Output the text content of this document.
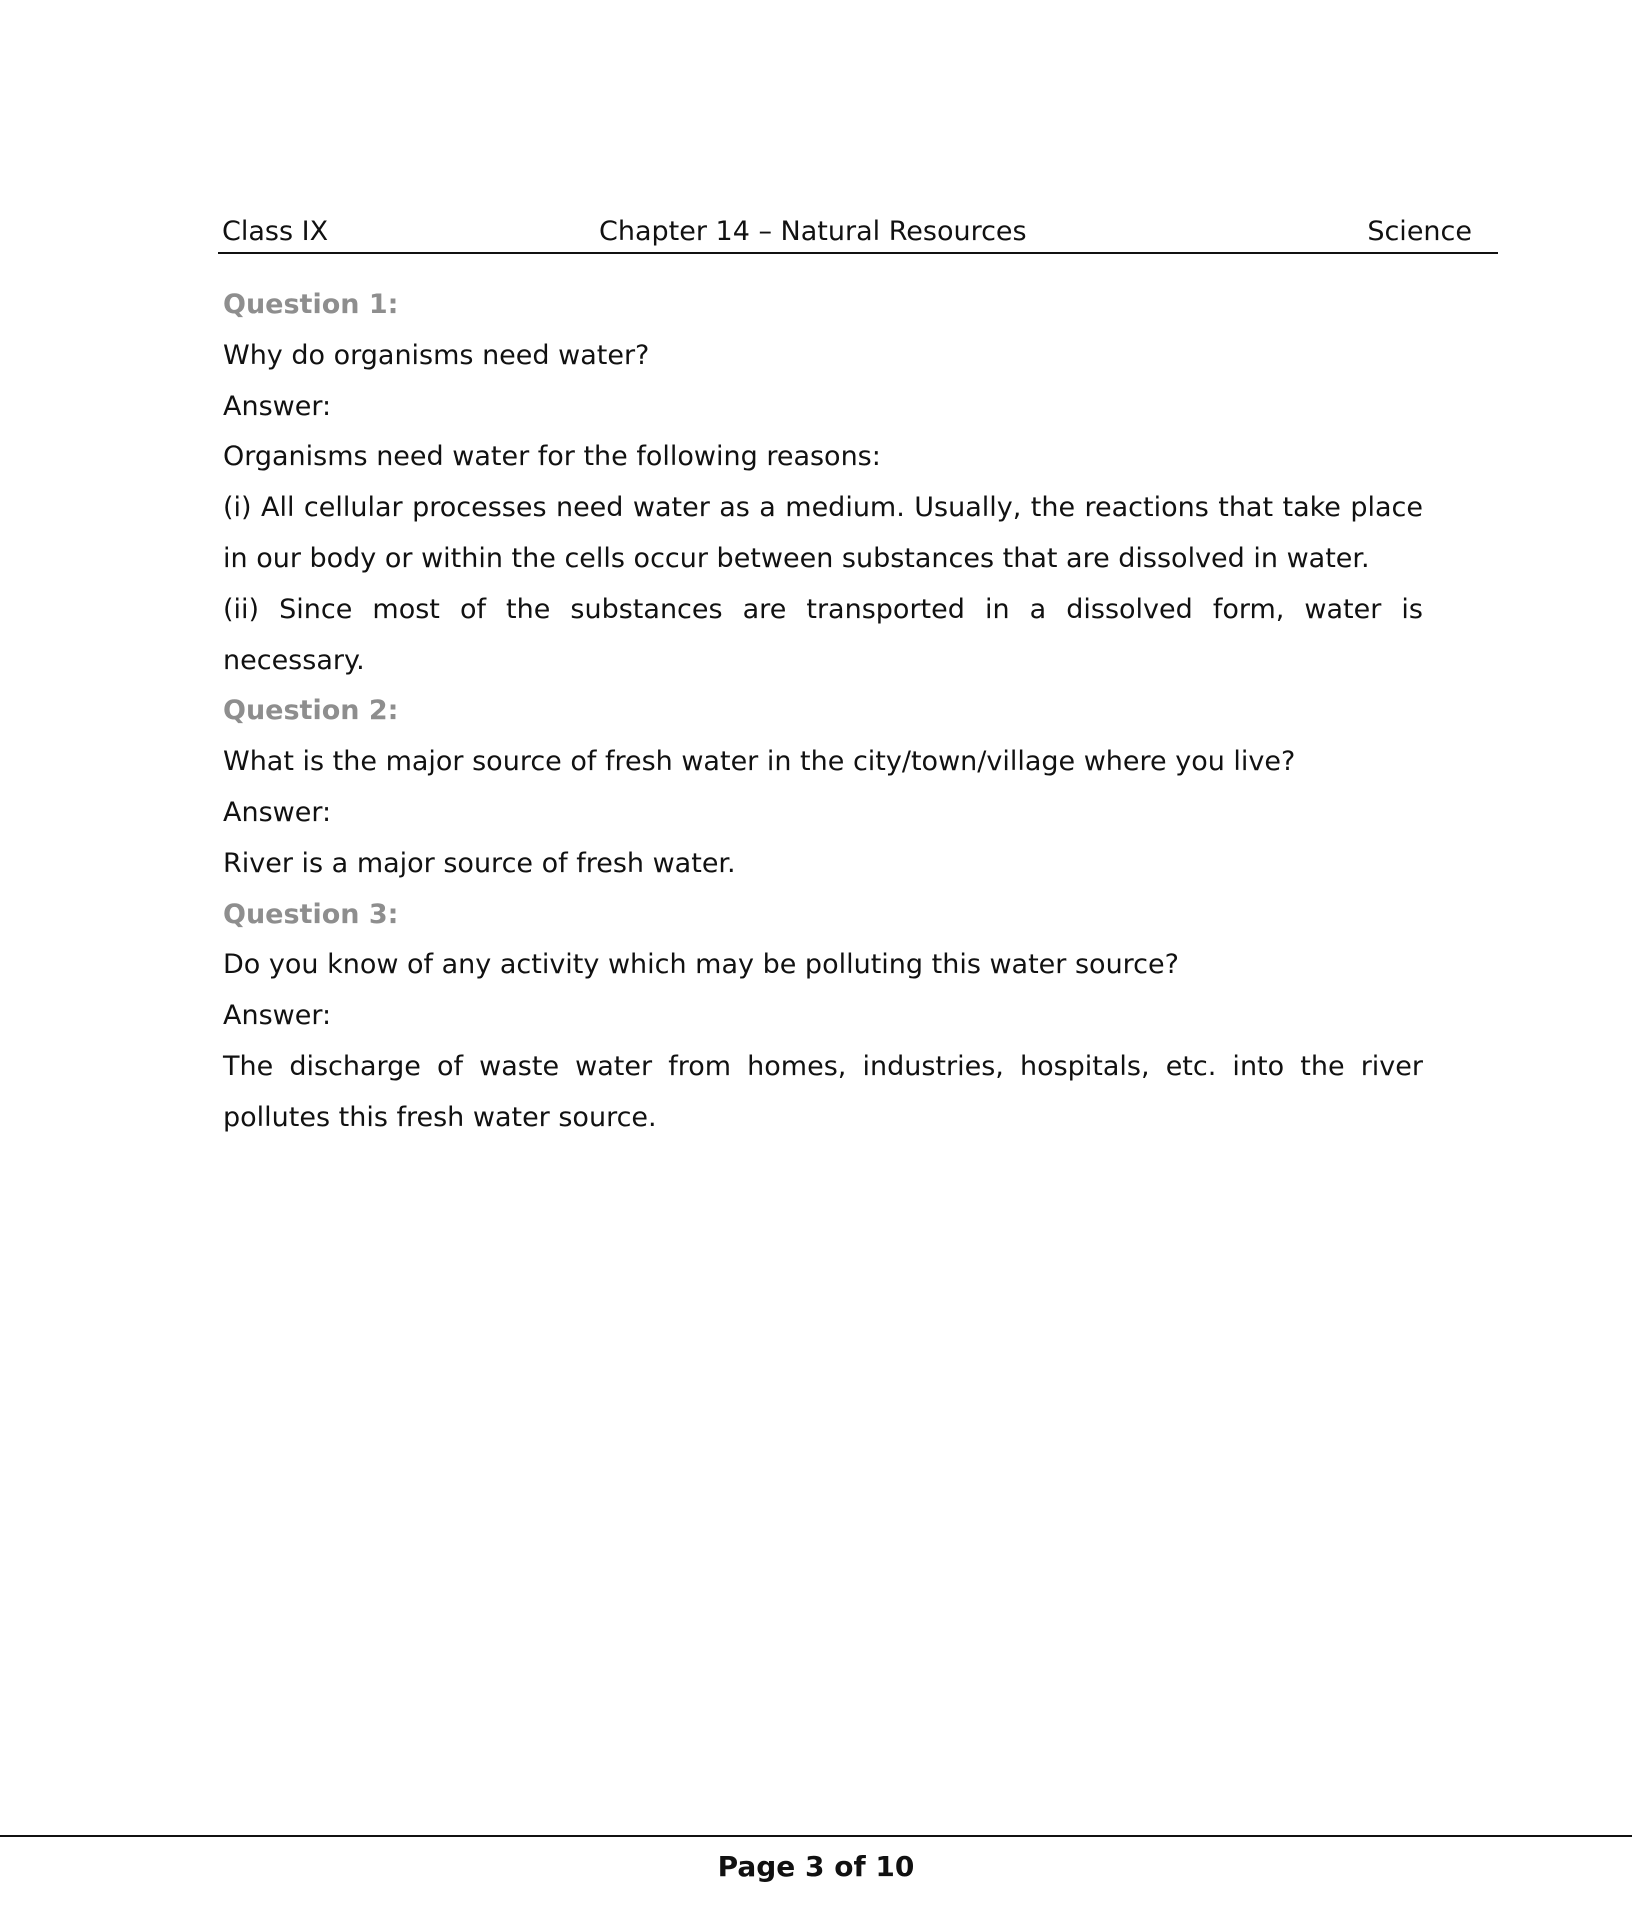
Class IX	Chapter 14 – Natural Resources	Science

Question 1:

Why do organisms need water?

Answer:

Organisms need water for the following reasons:

(i) All cellular processes need water as a medium. Usually, the reactions that take place in our body or within the cells occur between substances that are dissolved in water.

(ii) Since most of the substances are transported in a dissolved form, water is necessary.

Question 2:

What is the major source of fresh water in the city/town/village where you live?

Answer:

River is a major source of fresh water.

Question 3:

Do you know of any activity which may be polluting this water source?

Answer:

The discharge of waste water from homes, industries, hospitals, etc. into the river pollutes this fresh water source.

Page 3 of 10
